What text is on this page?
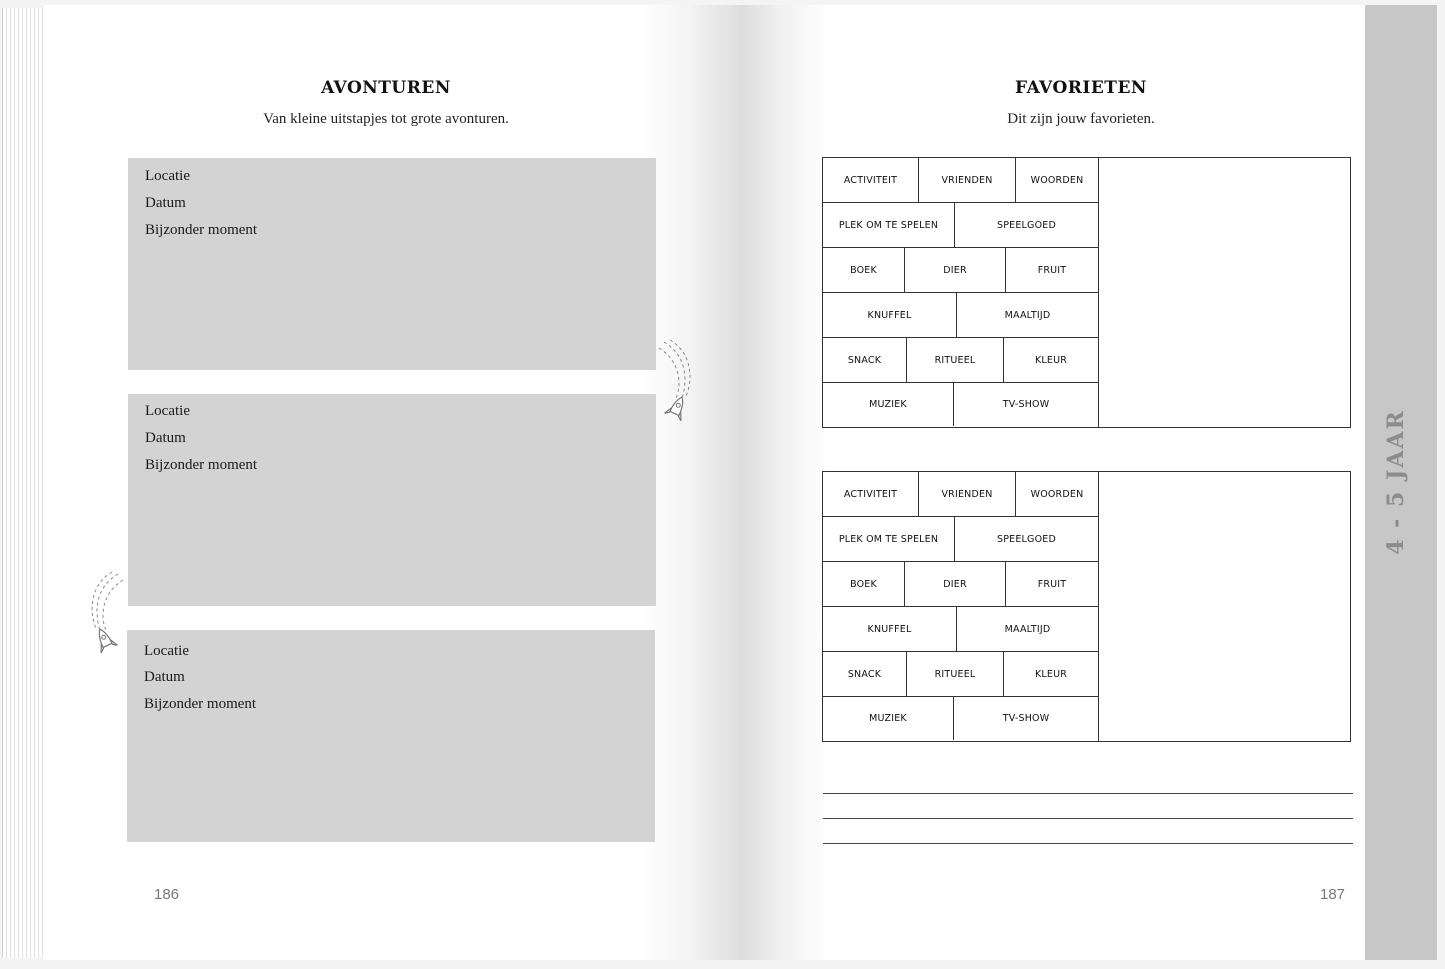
4 - 5 JAAR
AVONTUREN
Van kleine uitstapjes tot grote avonturen.
Locatie
Datum
Bijzonder moment
Locatie
Datum
Bijzonder moment
Locatie
Datum
Bijzonder moment
186
FAVORIETEN
Dit zijn jouw favorieten.
ACTIVITEIT	VRIENDEN	WOORDEN
PLEK OM TE SPELEN	SPEELGOED
BOEK	DIER	FRUIT
KNUFFEL	MAALTIJD
SNACK	RITUEEL	KLEUR
MUZIEK	TV-SHOW
ACTIVITEIT	VRIENDEN	WOORDEN
PLEK OM TE SPELEN	SPEELGOED
BOEK	DIER	FRUIT
KNUFFEL	MAALTIJD
SNACK	RITUEEL	KLEUR
MUZIEK	TV-SHOW
187
